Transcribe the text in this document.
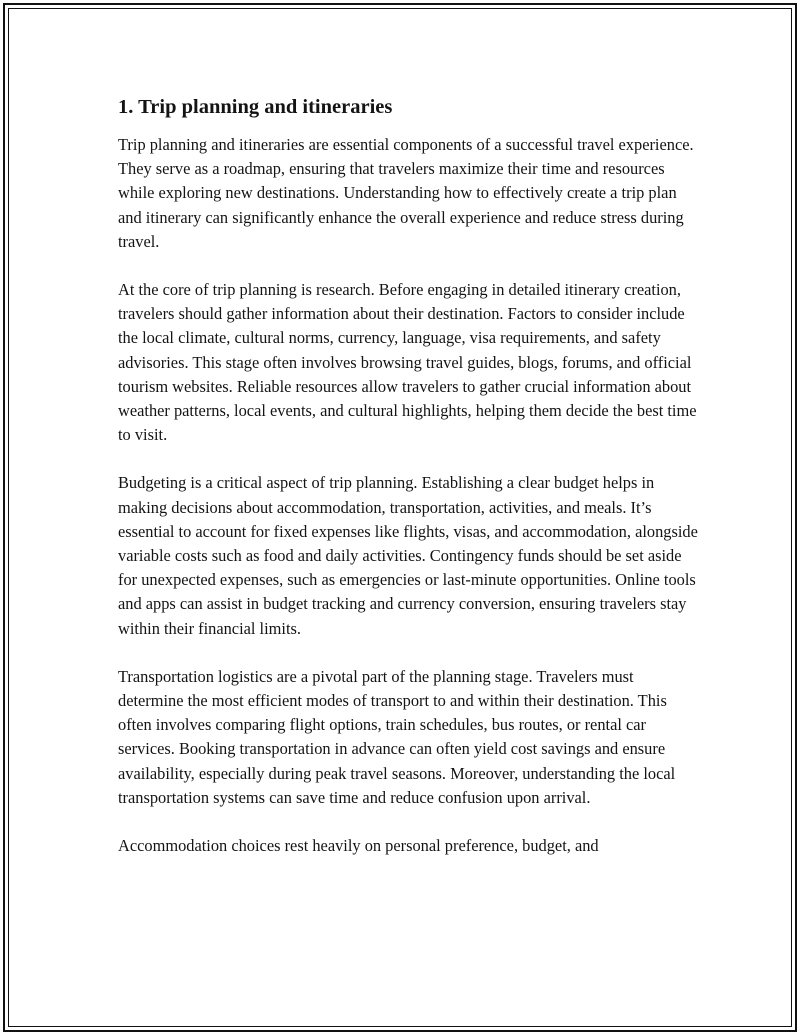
1. Trip planning and itineraries

Trip planning and itineraries are essential components of a successful travel experience. They serve as a roadmap, ensuring that travelers maximize their time and resources while exploring new destinations. Understanding how to effectively create a trip plan and itinerary can significantly enhance the overall experience and reduce stress during travel.

At the core of trip planning is research. Before engaging in detailed itinerary creation, travelers should gather information about their destination. Factors to consider include the local climate, cultural norms, currency, language, visa requirements, and safety advisories. This stage often involves browsing travel guides, blogs, forums, and official tourism websites. Reliable resources allow travelers to gather crucial information about weather patterns, local events, and cultural highlights, helping them decide the best time to visit.

Budgeting is a critical aspect of trip planning. Establishing a clear budget helps in making decisions about accommodation, transportation, activities, and meals. It’s essential to account for fixed expenses like flights, visas, and accommodation, alongside variable costs such as food and daily activities. Contingency funds should be set aside for unexpected expenses, such as emergencies or last-minute opportunities. Online tools and apps can assist in budget tracking and currency conversion, ensuring travelers stay within their financial limits.

Transportation logistics are a pivotal part of the planning stage. Travelers must determine the most efficient modes of transport to and within their destination. This often involves comparing flight options, train schedules, bus routes, or rental car services. Booking transportation in advance can often yield cost savings and ensure availability, especially during peak travel seasons. Moreover, understanding the local transportation systems can save time and reduce confusion upon arrival.

Accommodation choices rest heavily on personal preference, budget, and
